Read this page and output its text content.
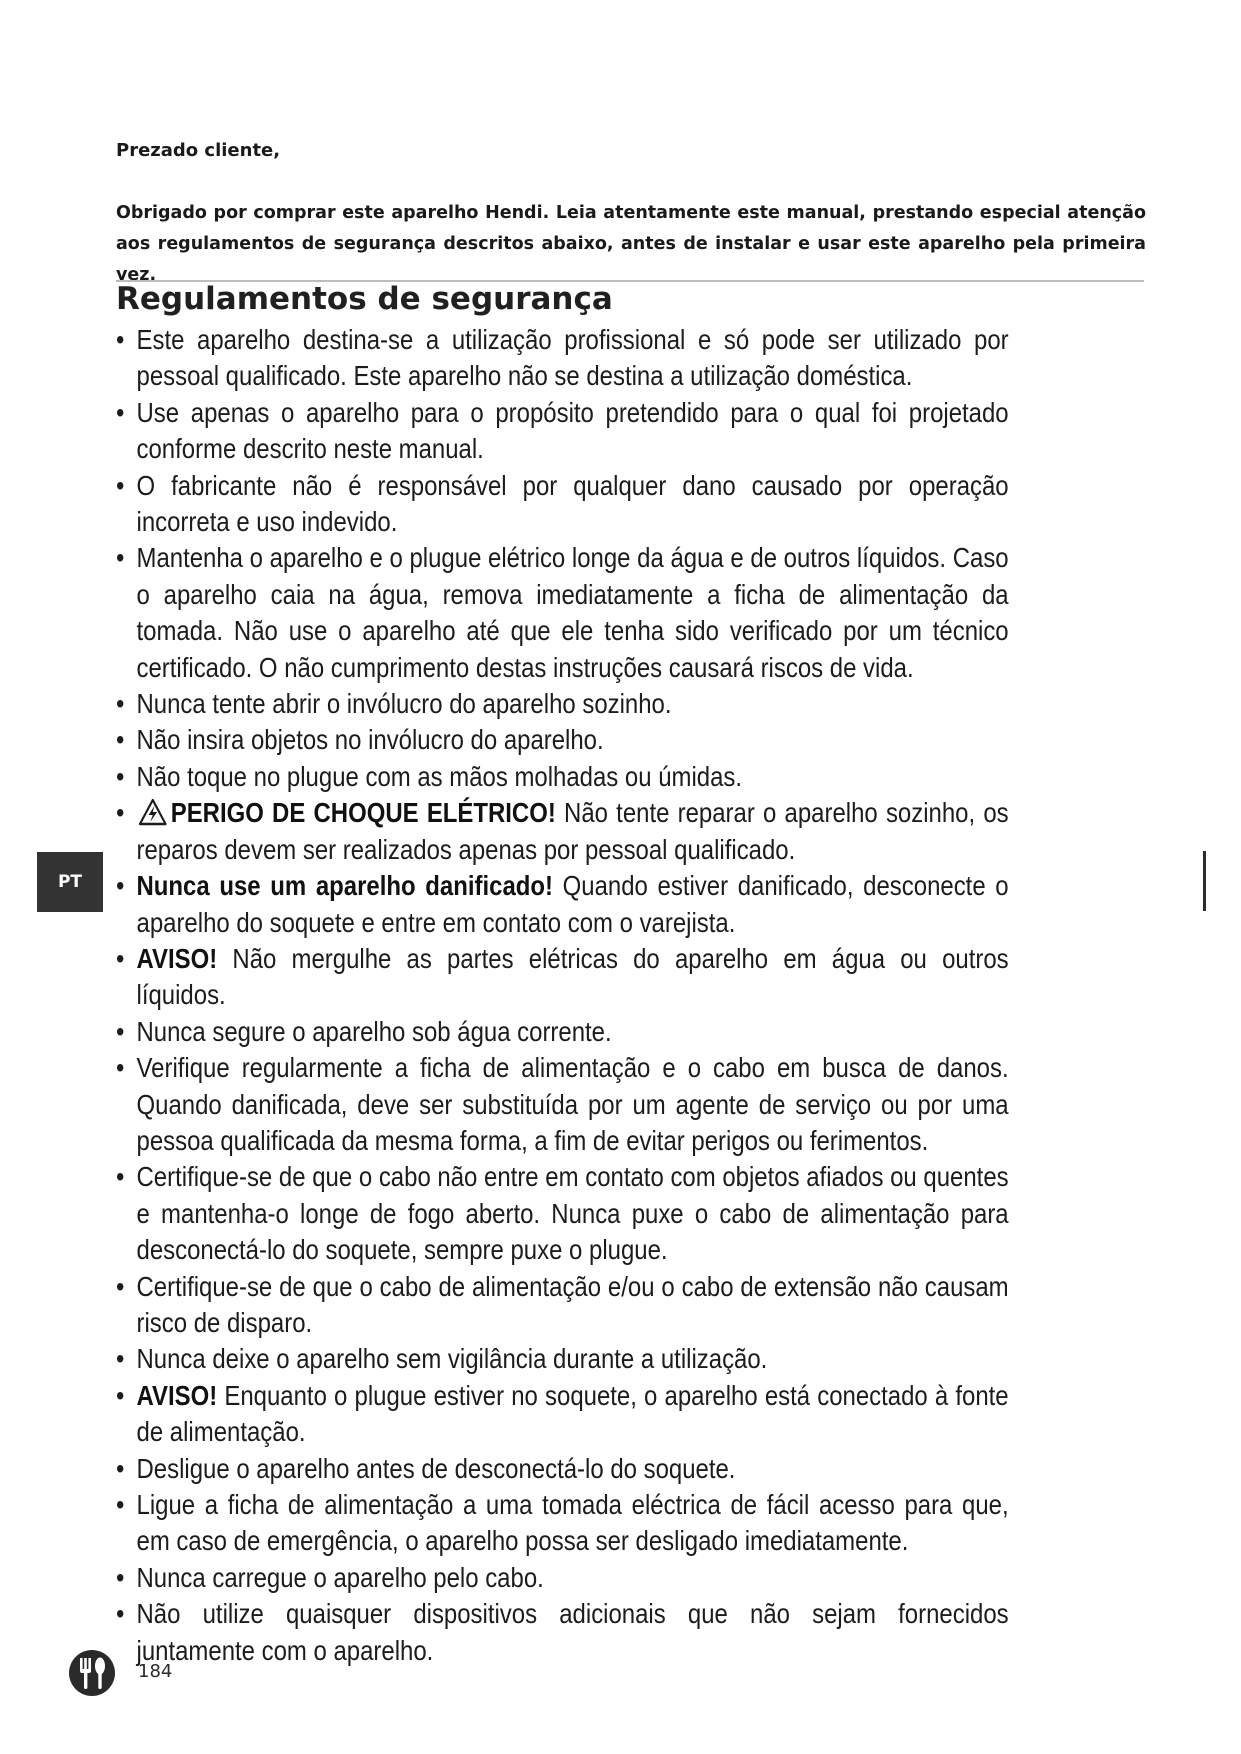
Prezado cliente,
Obrigado por comprar este aparelho Hendi. Leia atentamente este manual, prestando especial atenção aos regulamentos de segurança descritos abaixo, antes de instalar e usar este aparelho pela primeira vez.
Regulamentos de segurança
• Este aparelho destina-se a utilização profissional e só pode ser utilizado por pessoal qualificado. Este aparelho não se destina a utilização doméstica.
• Use apenas o aparelho para o propósito pretendido para o qual foi projetado conforme descrito neste manual.
• O fabricante não é responsável por qualquer dano causado por operação incorreta e uso indevido.
• Mantenha o aparelho e o plugue elétrico longe da água e de outros líquidos. Caso o aparelho caia na água, remova imediatamente a ficha de alimentação da tomada. Não use o aparelho até que ele tenha sido verificado por um técnico certificado. O não cumprimento destas instruções causará riscos de vida.
• Nunca tente abrir o invólucro do aparelho sozinho.
• Não insira objetos no invólucro do aparelho.
• Não toque no plugue com as mãos molhadas ou úmidas.
• PERIGO DE CHOQUE ELÉTRICO! Não tente reparar o aparelho sozinho, os reparos devem ser realizados apenas por pessoal qualificado.
• Nunca use um aparelho danificado! Quando estiver danificado, desconecte o aparelho do soquete e entre em contato com o varejista.
• AVISO! Não mergulhe as partes elétricas do aparelho em água ou outros líquidos.
• Nunca segure o aparelho sob água corrente.
• Verifique regularmente a ficha de alimentação e o cabo em busca de danos. Quando danificada, deve ser substituída por um agente de serviço ou por uma pessoa qualificada da mesma forma, a fim de evitar perigos ou ferimentos.
• Certifique-se de que o cabo não entre em contato com objetos afiados ou quentes e mantenha-o longe de fogo aberto. Nunca puxe o cabo de alimentação para desconectá-lo do soquete, sempre puxe o plugue.
• Certifique-se de que o cabo de alimentação e/ou o cabo de extensão não causam risco de disparo.
• Nunca deixe o aparelho sem vigilância durante a utilização.
• AVISO! Enquanto o plugue estiver no soquete, o aparelho está conectado à fonte de alimentação.
• Desligue o aparelho antes de desconectá-lo do soquete.
• Ligue a ficha de alimentação a uma tomada eléctrica de fácil acesso para que, em caso de emergência, o aparelho possa ser desligado imediatamente.
• Nunca carregue o aparelho pelo cabo.
• Não utilize quaisquer dispositivos adicionais que não sejam fornecidos juntamente com o aparelho.
PT
184
